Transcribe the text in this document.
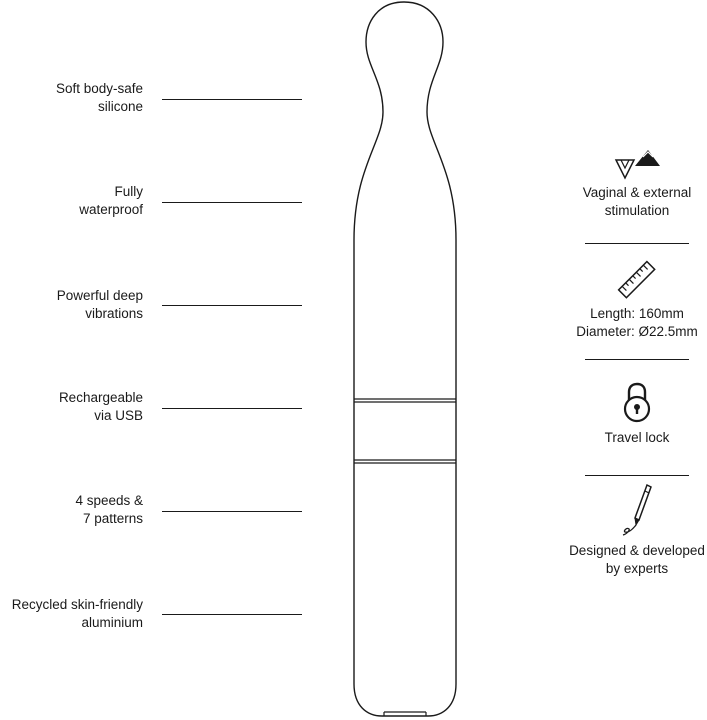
Soft body-safe
silicone
Fully
waterproof
Powerful deep
vibrations
Rechargeable
via USB
4 speeds &
7 patterns
Recycled skin-friendly
aluminium
Vaginal & external
stimulation
Length: 160mm
Diameter: Ø22.5mm
Travel lock
Designed & developed
by experts
